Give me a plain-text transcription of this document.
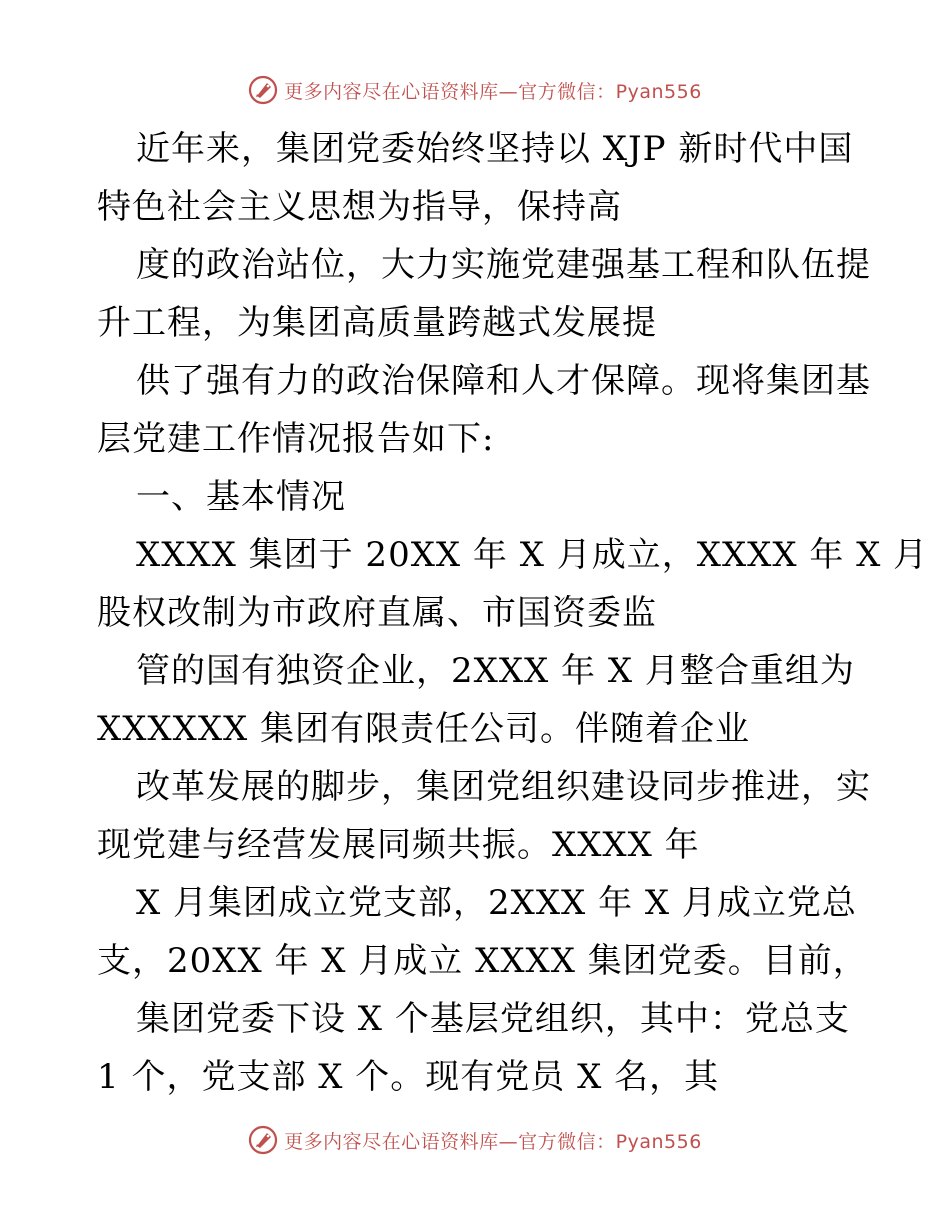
更多内容尽在心语资料库—官方微信：Pyan556
近年来，集团党委始终坚持以 XJP 新时代中国
特色社会主义思想为指导，保持高
度的政治站位，大力实施党建强基工程和队伍提
升工程，为集团高质量跨越式发展提
供了强有力的政治保障和人才保障。现将集团基
层党建工作情况报告如下:
一、基本情况
XXXX 集团于 20XX 年 X 月成立，XXXX 年 X 月
股权改制为市政府直属、市国资委监
管的国有独资企业，2XXX 年 X 月整合重组为
XXXXXX 集团有限责任公司。伴随着企业
改革发展的脚步，集团党组织建设同步推进，实
现党建与经营发展同频共振。XXXX 年
X 月集团成立党支部，2XXX 年 X 月成立党总
支，20XX 年 X 月成立 XXXX 集团党委。目前，
集团党委下设 X 个基层党组织，其中：党总支
1 个，党支部 X 个。现有党员 X 名，其
更多内容尽在心语资料库—官方微信：Pyan556
